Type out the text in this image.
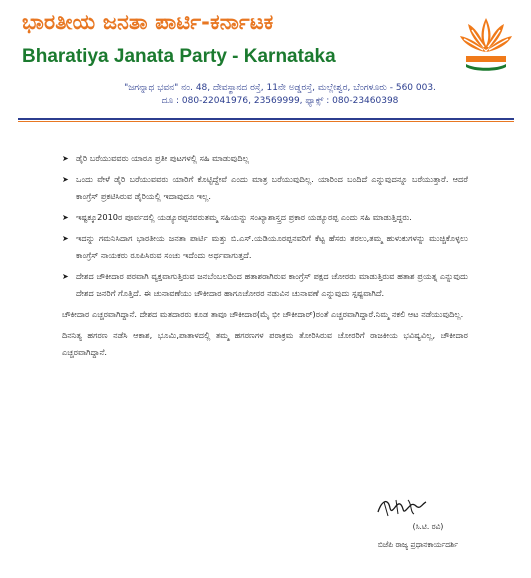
ಭಾರತೀಯ ಜನತಾ ಪಾರ್ಟಿ-ಕರ್ನಾಟಕ
Bharatiya Janata Party - Karnataka
"ಜಗನ್ನಾಥ ಭವನ" ನಂ. 48, ದೇವಸ್ಥಾನದ ರಸ್ತೆ, 11ನೇ ಅಡ್ಡರಸ್ತೆ, ಮಲ್ಲೇಶ್ವರ, ಬೆಂಗಳೂರು - 560 003.
ದೂ : 080-22041976, 23569999, ಫ್ಯಾಕ್ಸ್ : 080-23460398
➤ ಡೈರಿ ಬರೆಯುವವರು ಯಾರೂ ಪ್ರತೀ ಪುಟಗಳಲ್ಲಿ ಸಹಿ ಮಾಡುವುದಿಲ್ಲ
➤ ಒಂದು ವೇಳೆ ಡೈರಿ ಬರೆಯುವವರು ಯಾರಿಗೆ ಕೊಟ್ಟಿದ್ದೇವೆ ಎಂದು ಮಾತ್ರ ಬರೆಯುವುದಿಲ್ಲ. ಯಾರಿಂದ ಬಂದಿದೆ ಎನ್ನುವುದನ್ನೂ ಬರೆಯುತ್ತಾರೆ. ಆದರೆ ಕಾಂಗ್ರೆಸ್ ಪ್ರಕಟಿಸಿರುವ ಡೈರಿಯಲ್ಲಿ ಇದಾವುದೂ ಇಲ್ಲ.
➤ ಇಷ್ಟಕ್ಕೂ2010ರ ಪೂರ್ವದಲ್ಲಿ ಯಡ್ಯೂರಪ್ಪನವರುತಮ್ಮ ಸಹಿಯನ್ನು ಸಂಖ್ಯಾಶಾಸ್ತ್ರದ ಪ್ರಕಾರ ಯಡ್ಯೂರಪ್ಪ ಎಂದು ಸಹಿ ಮಾಡುತ್ತಿದ್ದರು.
➤ ಇದನ್ನು ಗಮನಿಸಿದಾಗ ಭಾರತೀಯ ಜನತಾ ಪಾರ್ಟಿ ಮತ್ತು ಬಿ.ಎಸ್.ಯಡಿಯೂರಪ್ಪನವರಿಗೆ ಕೆಟ್ಟ ಹೆಸರು ತರಲು,ತಮ್ಮ ಹುಳುಕುಗಳನ್ನು ಮುಚ್ಚಿಕೊಳ್ಳಲು ಕಾಂಗ್ರೆಸ್ ನಾಯಕರು ರೂಪಿಸಿರುವ ಸಂಚು ಇದೆಂದು ಅರ್ಥವಾಗುತ್ತದೆ.
➤ ದೇಶದ ಚೌಕೀದಾರ ಪರವಾಗಿ ವ್ಯಕ್ತವಾಗುತ್ತಿರುವ ಜನಬೆಂಬಲದಿಂದ ಹತಾಶರಾಗಿರುವ ಕಾಂಗ್ರೆಸ್ ಪಕ್ಷದ ಚೋರರು ಮಾಡುತ್ತಿರುವ ಹತಾಶ ಪ್ರಯತ್ನ ಎನ್ನುವುದು ದೇಶದ ಜನರಿಗೆ ಗೊತ್ತಿದೆ. ಈ ಚುನಾವಣೆಯು ಚೌಕೀದಾರ ಹಾಗೂಚೋರರ ನಡುವಿನ ಚುನಾವಣೆ ಎನ್ನುವುದು ಸ್ಪಷ್ಟವಾಗಿದೆ.
ಚೌಕೀದಾರ ಎಚ್ಚರವಾಗಿದ್ದಾನೆ. ದೇಶದ ಮತದಾರರು ಕೂಡ ತಾವೂ ಚೌಕೀದಾರ(ಮೈ ಭೀ ಚೌಕೀದಾರ್)ರಂತೆ ಎಚ್ಚರವಾಗಿದ್ದಾರೆ.ನಿಮ್ಮ ನಕಲಿ ಆಟ ನಡೆಯುವುದಿಲ್ಲ.
ದಿನನಿತ್ಯ ಹಗರಣ ನಡೆಸಿ ಆಕಾಶ, ಭೂಮಿ,ಪಾತಾಳದಲ್ಲಿ ತಮ್ಮ ಹಗರಣಗಳ ಪರಾಕ್ರಮ ತೋರಿಸಿರುವ ಚೋರರಿಗೆ ರಾಜಕೀಯ ಭವಿಷ್ಯವಿಲ್ಲ, ಚೌಕೀದಾರ ಎಚ್ಚರವಾಗಿದ್ದಾನೆ.
(ಸಿ.ಟಿ. ರವಿ)
ಬಿಜೆಪಿ ರಾಜ್ಯ ಪ್ರಧಾನಕಾರ್ಯದರ್ಶಿ
